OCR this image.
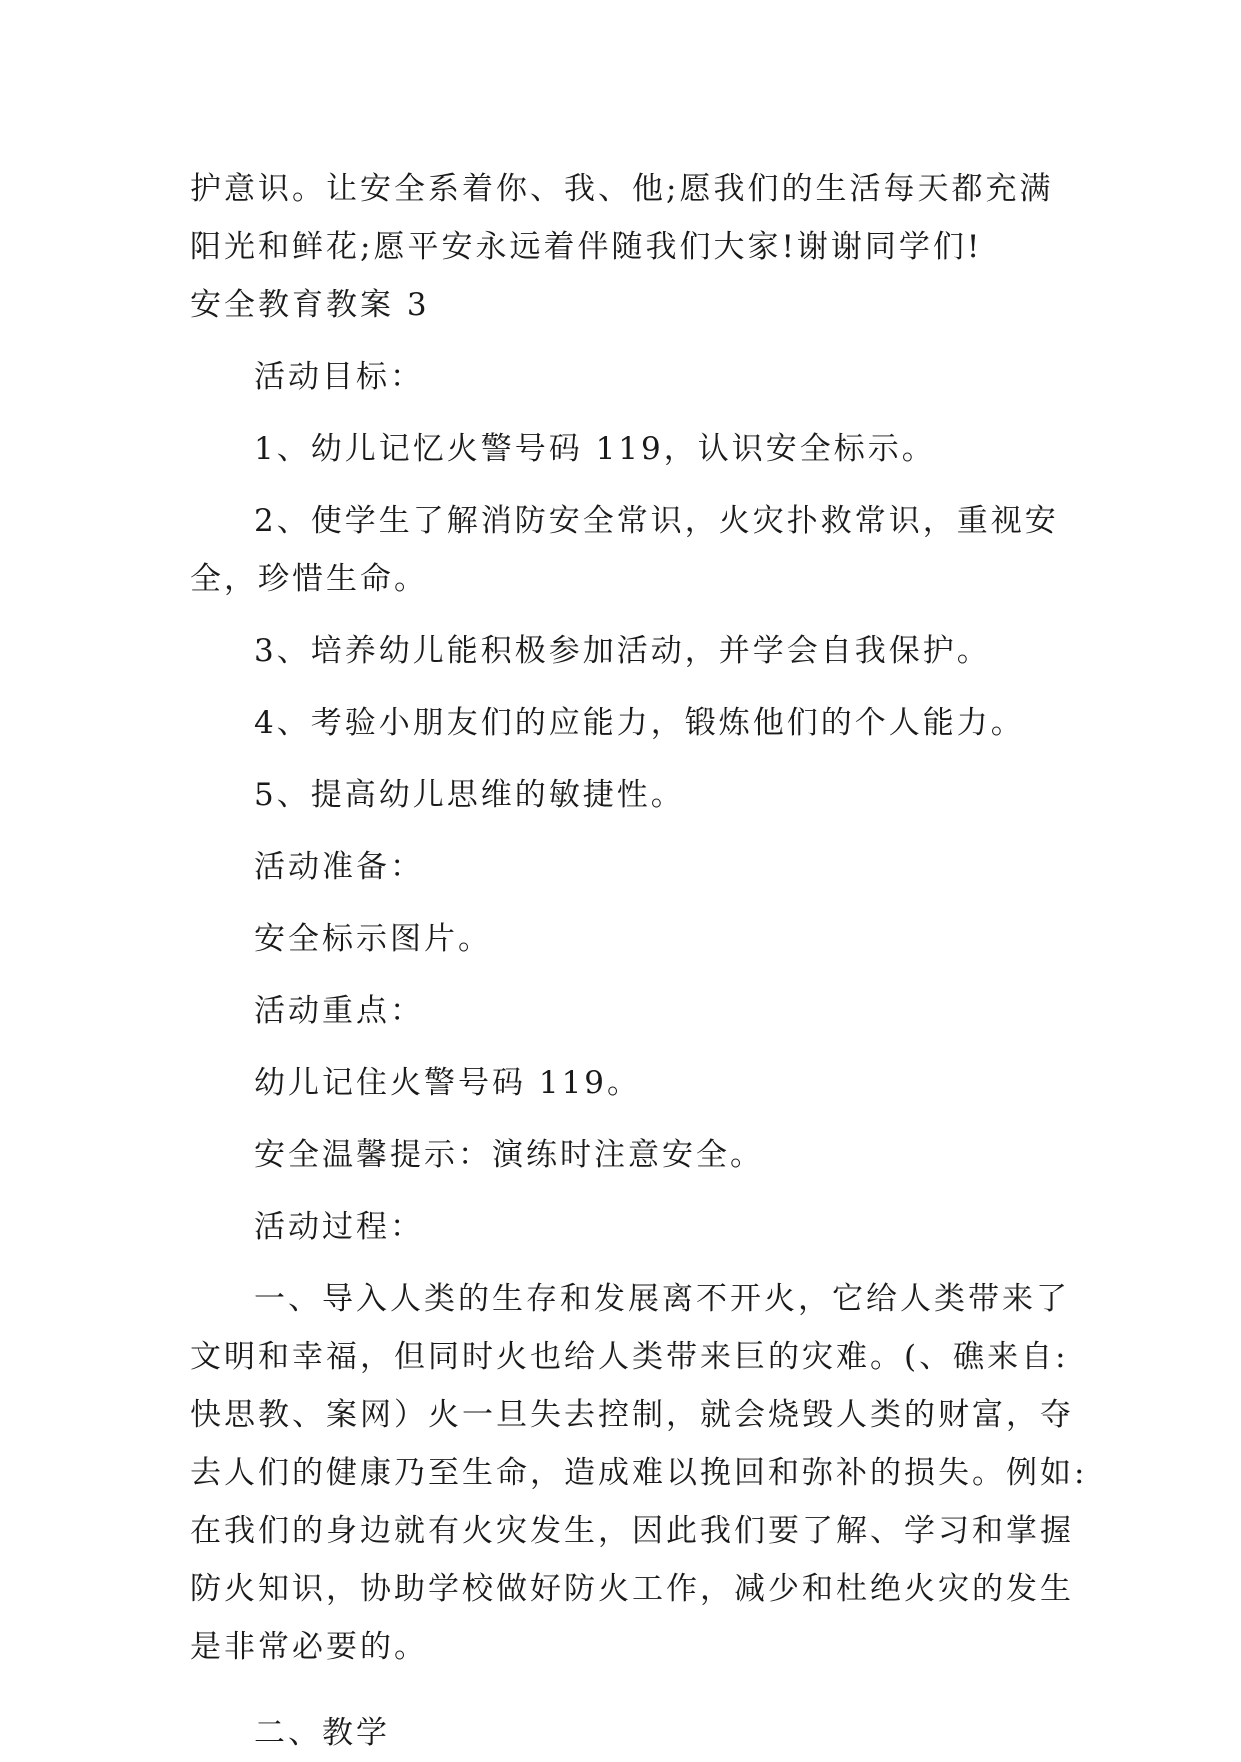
护意识。让安全系着你、我、他;愿我们的生活每天都充满
阳光和鲜花;愿平安永远着伴随我们大家!谢谢同学们!
安全教育教案 3
活动目标：
1、幼儿记忆火警号码 119，认识安全标示。
2、使学生了解消防安全常识，火灾扑救常识，重视安
全，珍惜生命。
3、培养幼儿能积极参加活动，并学会自我保护。
4、考验小朋友们的应能力，锻炼他们的个人能力。
5、提高幼儿思维的敏捷性。
活动准备：
安全标示图片。
活动重点：
幼儿记住火警号码 119。
安全温馨提示：演练时注意安全。
活动过程：
一、导入人类的生存和发展离不开火，它给人类带来了
文明和幸福，但同时火也给人类带来巨的灾难。(、礁来自:
快思教、案网）火一旦失去控制，就会烧毁人类的财富，夺
去人们的健康乃至生命，造成难以挽回和弥补的损失。例如:
在我们的身边就有火灾发生，因此我们要了解、学习和掌握
防火知识，协助学校做好防火工作，减少和杜绝火灾的发生
是非常必要的。
二、教学
